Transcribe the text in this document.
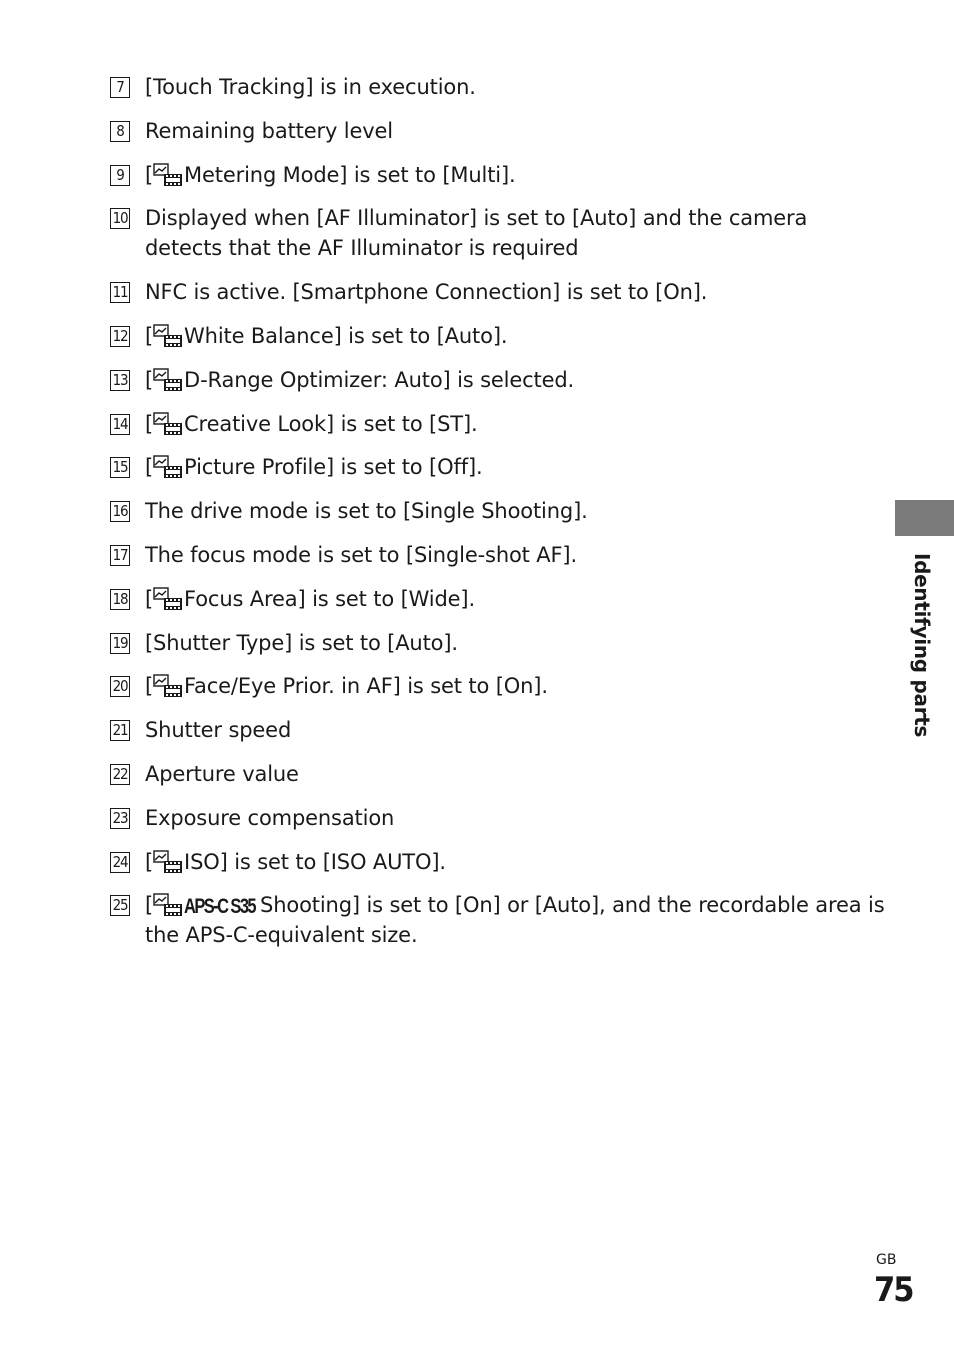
7	[Touch Tracking] is in execution.
8	Remaining battery level
9	[ Metering Mode] is set to [Multi].
10 Displayed when [AF Illuminator] is set to [Auto] and the camera
detects that the AF Illuminator is required
11 NFC is active. [Smartphone Connection] is set to [On].
12 [ White Balance] is set to [Auto].
13 [ D-Range Optimizer: Auto] is selected.
14 [ Creative Look] is set to [ST].
15 [ Picture Profile] is set to [Off].
16 The drive mode is set to [Single Shooting].
17 The focus mode is set to [Single-shot AF].
18 [ Focus Area] is set to [Wide].
19 [Shutter Type] is set to [Auto].
20 [ Face/Eye Prior. in AF] is set to [On].
21 Shutter speed
22 Aperture value
23 Exposure compensation
24 [ ISO] is set to [ISO AUTO].
25 [ APS-C S35 Shooting] is set to [On] or [Auto], and the recordable area is
the APS-C-equivalent size.
Identifying parts
GB
75
